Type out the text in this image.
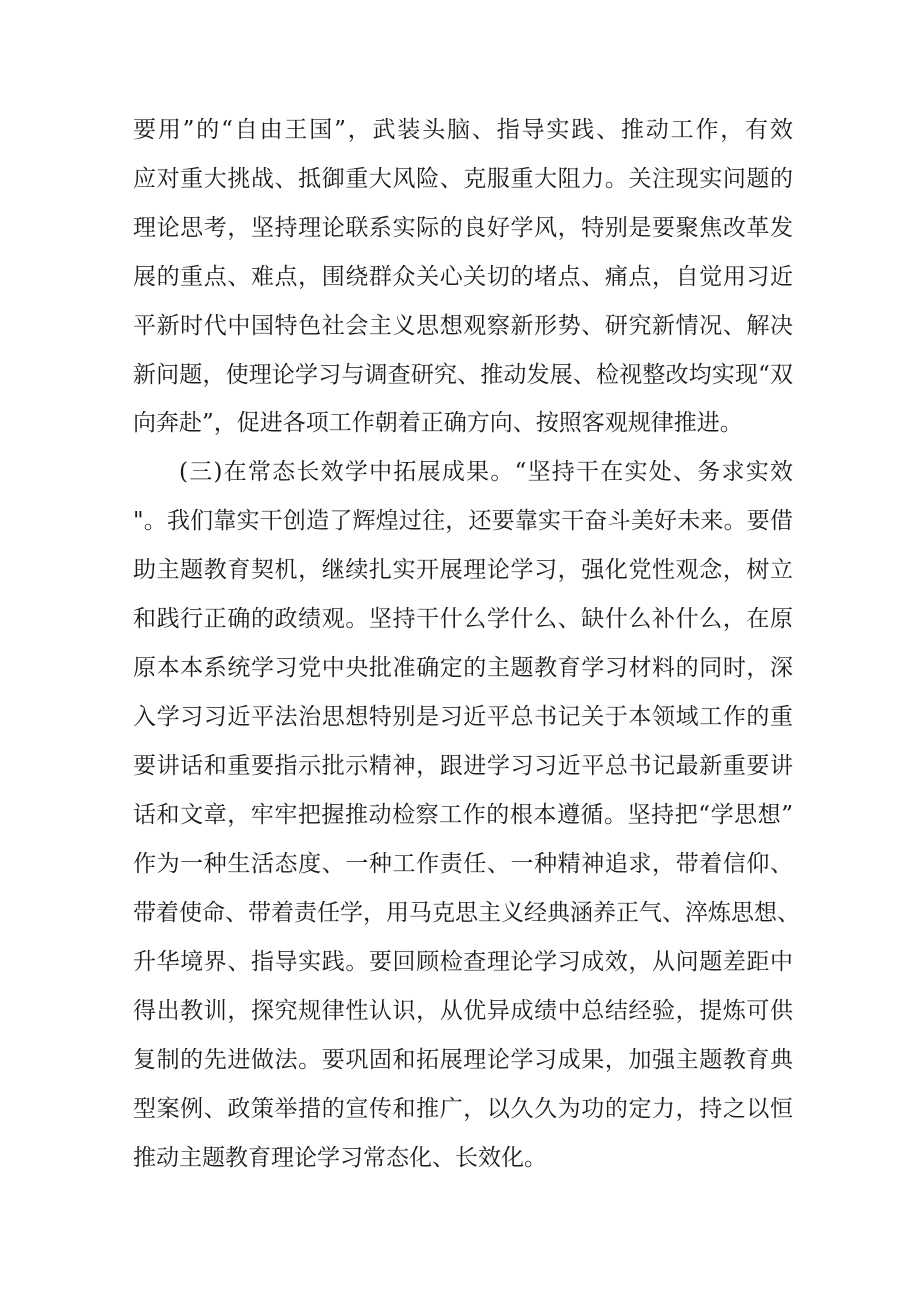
要用”的“自由王国”，武装头脑、指导实践、推动工作，有效
应对重大挑战、抵御重大风险、克服重大阻力。关注现实问题的
理论思考，坚持理论联系实际的良好学风，特别是要聚焦改革发
展的重点、难点，围绕群众关心关切的堵点、痛点，自觉用习近
平新时代中国特色社会主义思想观察新形势、研究新情况、解决
新问题，使理论学习与调查研究、推动发展、检视整改均实现“双
向奔赴”，促进各项工作朝着正确方向、按照客观规律推进。
(三)在常态长效学中拓展成果。“坚持干在实处、务求实效
"。我们靠实干创造了辉煌过往，还要靠实干奋斗美好未来。要借
助主题教育契机，继续扎实开展理论学习，强化党性观念，树立
和践行正确的政绩观。坚持干什么学什么、缺什么补什么，在原
原本本系统学习党中央批准确定的主题教育学习材料的同时，深
入学习习近平法治思想特别是习近平总书记关于本领域工作的重
要讲话和重要指示批示精神，跟进学习习近平总书记最新重要讲
话和文章，牢牢把握推动检察工作的根本遵循。坚持把“学思想”
作为一种生活态度、一种工作责任、一种精神追求，带着信仰、
带着使命、带着责任学，用马克思主义经典涵养正气、淬炼思想、
升华境界、指导实践。要回顾检查理论学习成效，从问题差距中
得出教训，探究规律性认识，从优异成绩中总结经验，提炼可供
复制的先进做法。要巩固和拓展理论学习成果，加强主题教育典
型案例、政策举措的宣传和推广，以久久为功的定力，持之以恒
推动主题教育理论学习常态化、长效化。
